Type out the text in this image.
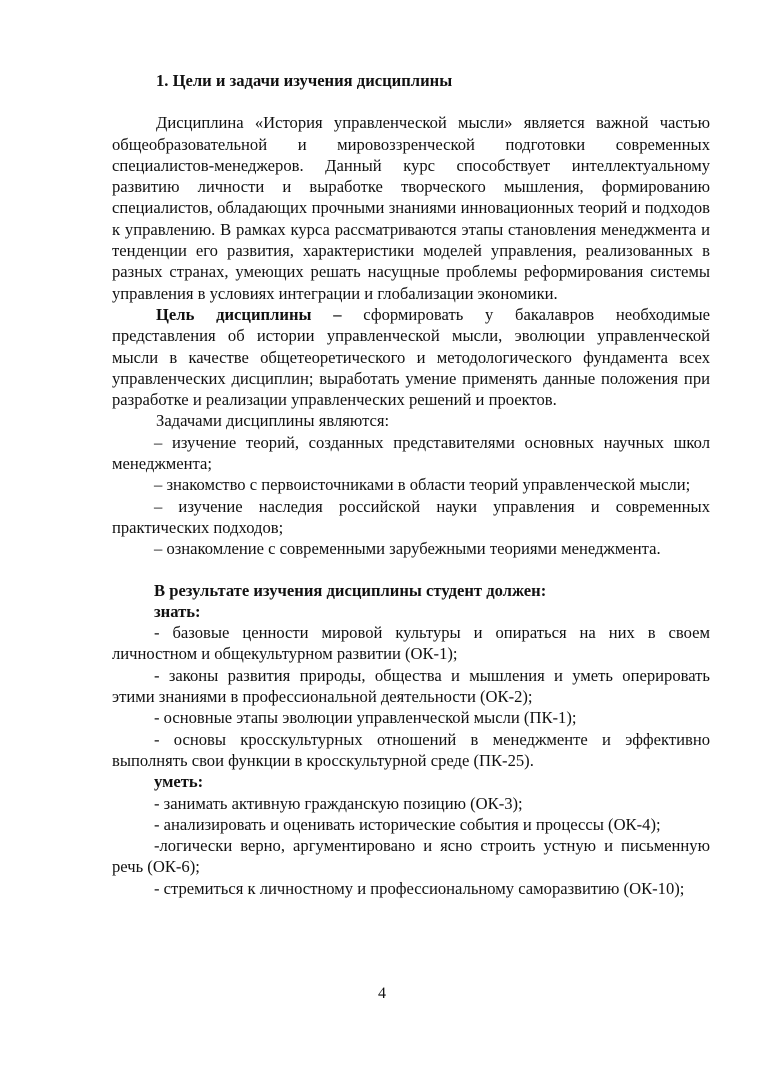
1. Цели и задачи изучения дисциплины

Дисциплина «История управленческой мысли» является важной частью общеобразовательной и мировоззренческой подготовки современных специалистов-менеджеров. Данный курс способствует интеллектуальному развитию личности и выработке творческого мышления, формированию специалистов, обладающих прочными знаниями инновационных теорий и подходов к управлению. В рамках курса рассматриваются этапы становления менеджмента и тенденции его развития, характеристики моделей управления, реализованных в разных странах, умеющих решать насущные проблемы реформирования системы управления в условиях интеграции и глобализации экономики.

Цель дисциплины – сформировать у бакалавров необходимые представления об истории управленческой мысли, эволюции управленческой мысли в качестве общетеоретического и методологического фундамента всех управленческих дисциплин; выработать умение применять данные положения при разработке и реализации управленческих решений и проектов.

Задачами дисциплины являются:

– изучение теорий, созданных представителями основных научных школ менеджмента;

– знакомство с первоисточниками в области теорий управленческой мысли;

– изучение наследия российской науки управления и современных практических подходов;

– ознакомление с современными зарубежными теориями менеджмента.

В результате изучения дисциплины студент должен:

знать:

- базовые ценности мировой культуры и опираться на них в своем личностном и общекультурном развитии (ОК-1);

- законы развития природы, общества и мышления и уметь оперировать этими знаниями в профессиональной деятельности (ОК-2);

- основные этапы эволюции управленческой мысли (ПК-1);

- основы кросскультурных отношений в менеджменте и эффективно выполнять свои функции в кросскультурной среде (ПК-25).

уметь:

- занимать активную гражданскую позицию (ОК-3);

- анализировать и оценивать исторические события и процессы (ОК-4);

-логически верно, аргументировано и ясно строить устную и письменную речь (ОК-6);

- стремиться к личностному и профессиональному саморазвитию (ОК-10);

4
